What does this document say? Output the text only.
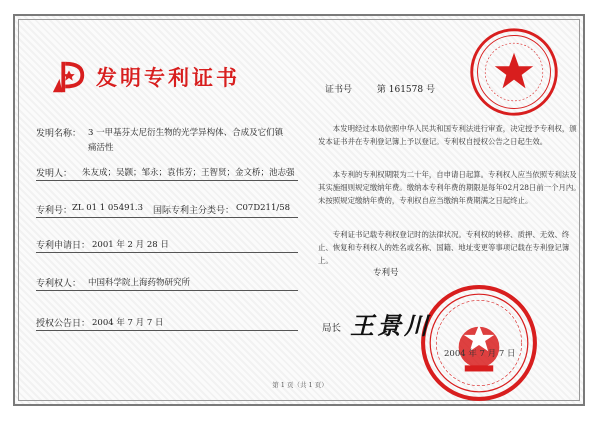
发明专利证书	证书号	第 161578 号
发明名称： 3 一甲基芬太尼衍生物的光学异构体、合成及它们镇
痛活性
发明人： 朱友成；吴颢；邹永；袁伟芳；王智贤；金文桥；池志强
专利号： ZL 01 1 05491.3 国际专利主分类号： C07D211/58
专利申请日： 2001 年 2 月 28 日
专利权人： 中国科学院上海药物研究所
授权公告日： 2004 年 7 月 7 日
本发明经过本局依照中华人民共和国专利法进行审查，决定授予专利权，颁发本证书并在专利登记簿上予以登记。专利权自授权公告之日起生效。
本专利的专利权期限为二十年，自申请日起算。专利权人应当依照专利法及其实施细则规定缴纳年费。缴纳本专利年费的期限是每年02月28日前一个月内。未按照规定缴纳年费的，专利权自应当缴纳年费期满之日起终止。
专利证书记载专利权登记时的法律状况。专利权的转移、质押、无效、终止、恢复和专利权人的姓名或名称、国籍、地址变更等事项记载在专利登记簿上。
专利号
局长 王景川
2004 年 7 月 7 日
第 1 页（共 1 页）
